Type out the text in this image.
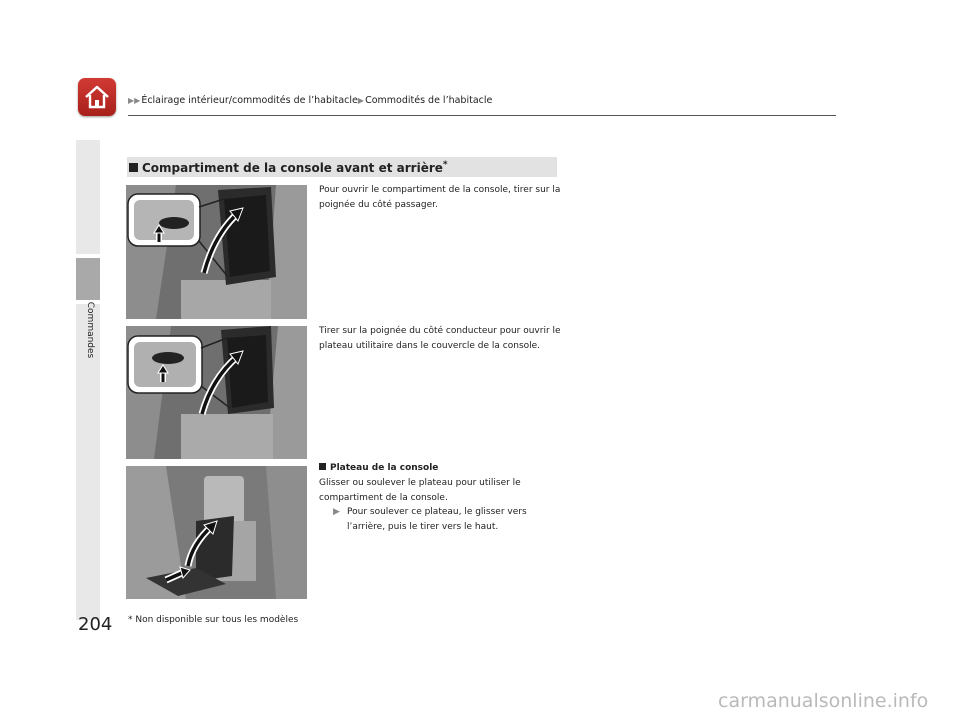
▶▶Éclairage intérieur/commodités de l’habitacle▶Commodités de l’habitacle
Commandes
Compartiment de la console avant et arrière*
Pour ouvrir le compartiment de la console, tirer sur la poignée du côté passager.
Tirer sur la poignée du côté conducteur pour ouvrir le plateau utilitaire dans le couvercle de la console.
Plateau de la console
Glisser ou soulever le plateau pour utiliser le compartiment de la console.
▶ Pour soulever ce plateau, le glisser vers l’arrière, puis le tirer vers le haut.
204 * Non disponible sur tous les modèles
carmanualsonline.info
